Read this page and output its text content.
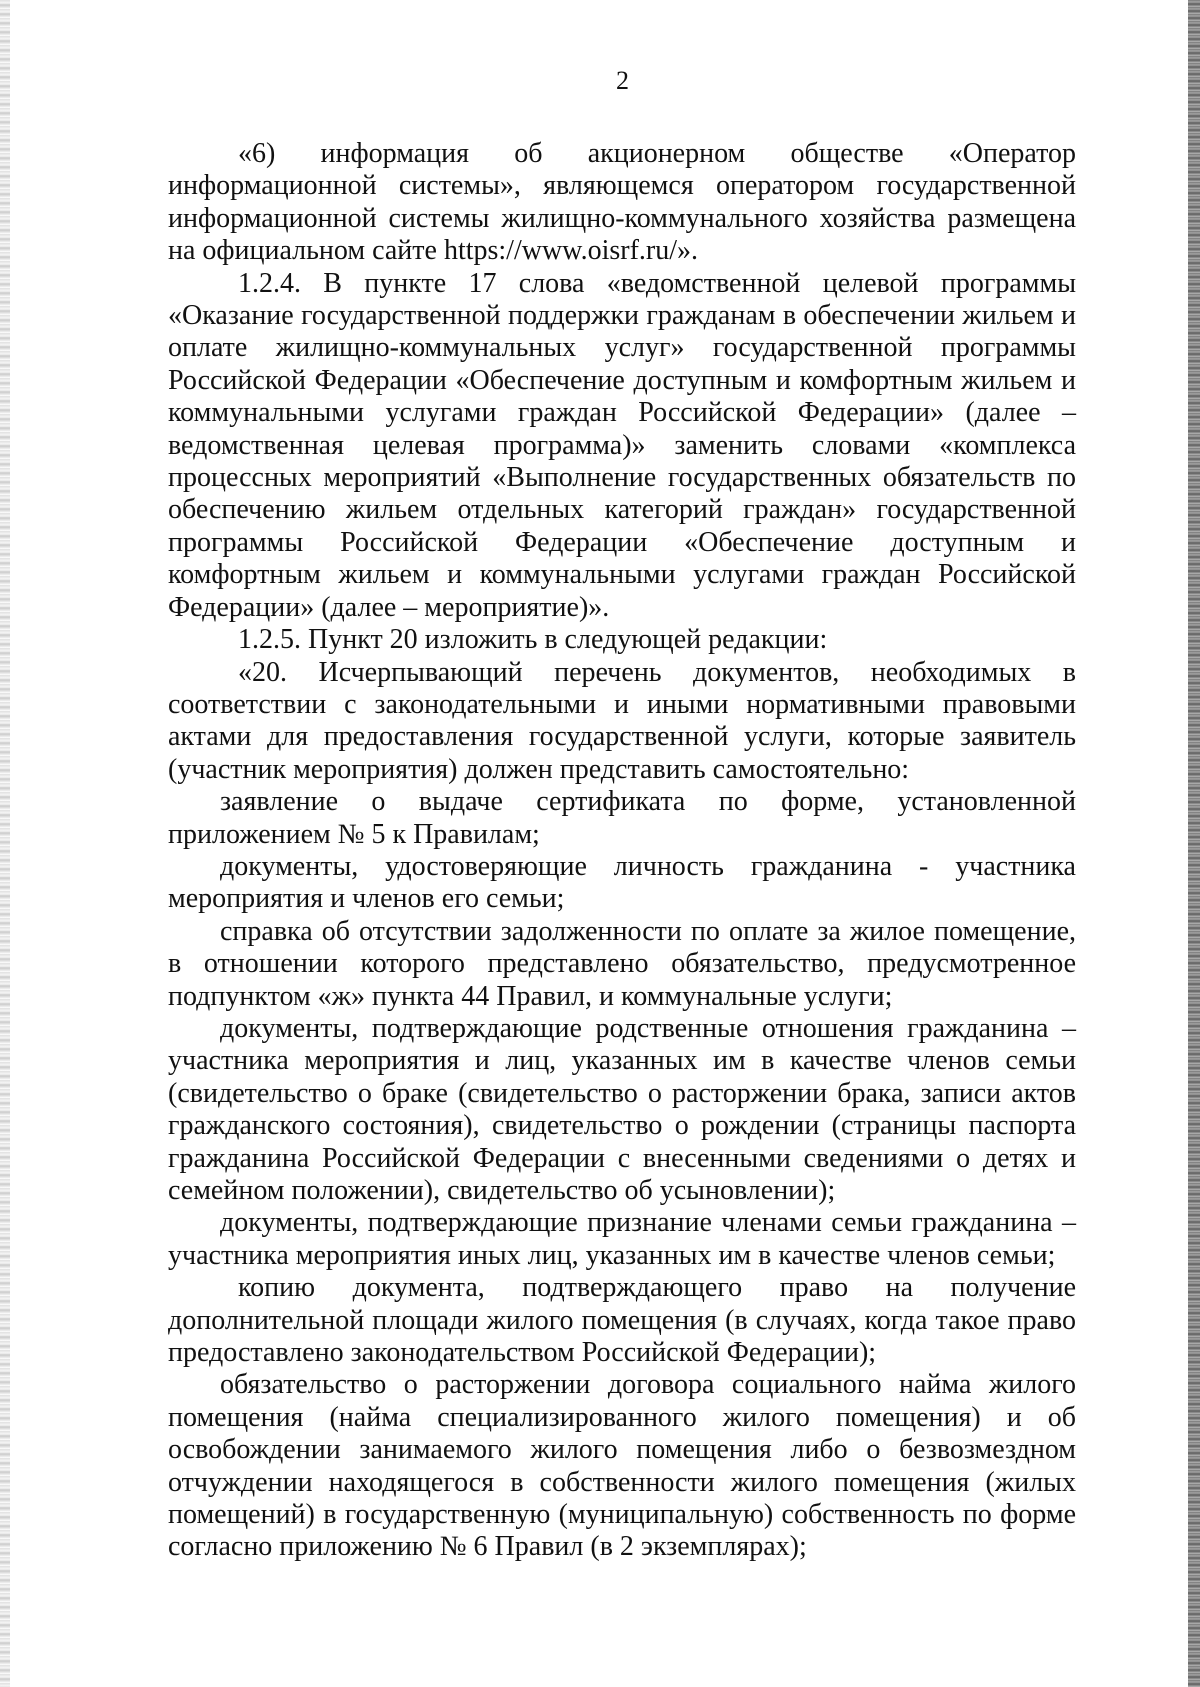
2

«6) информация об акционерном обществе «Оператор информационной системы», являющемся оператором государственной информационной системы жилищно-коммунального хозяйства размещена на официальном сайте https://www.oisrf.ru/».

1.2.4. В пункте 17 слова «ведомственной целевой программы «Оказание государственной поддержки гражданам в обеспечении жильем и оплате жилищно-коммунальных услуг» государственной программы Российской Федерации «Обеспечение доступным и комфортным жильем и коммунальными услугами граждан Российской Федерации» (далее – ведомственная целевая программа)» заменить словами «комплекса процессных мероприятий «Выполнение государственных обязательств по обеспечению жильем отдельных категорий граждан» государственной программы Российской Федерации «Обеспечение доступным и комфортным жильем и коммунальными услугами граждан Российской Федерации» (далее – мероприятие)».

1.2.5. Пункт 20 изложить в следующей редакции:

«20. Исчерпывающий перечень документов, необходимых в соответствии с законодательными и иными нормативными правовыми актами для предоставления государственной услуги, которые заявитель (участник мероприятия) должен представить самостоятельно:

заявление о выдаче сертификата по форме, установленной приложением № 5 к Правилам;

документы, удостоверяющие личность гражданина - участника мероприятия и членов его семьи;

справка об отсутствии задолженности по оплате за жилое помещение, в отношении которого представлено обязательство, предусмотренное подпунктом «ж» пункта 44 Правил, и коммунальные услуги;

документы, подтверждающие родственные отношения гражданина – участника мероприятия и лиц, указанных им в качестве членов семьи (свидетельство о браке (свидетельство о расторжении брака, записи актов гражданского состояния), свидетельство о рождении (страницы паспорта гражданина Российской Федерации с внесенными сведениями о детях и семейном положении), свидетельство об усыновлении);

документы, подтверждающие признание членами семьи гражданина – участника мероприятия иных лиц, указанных им в качестве членов семьи;

копию документа, подтверждающего право на получение дополнительной площади жилого помещения (в случаях, когда такое право предоставлено законодательством Российской Федерации);

обязательство о расторжении договора социального найма жилого помещения (найма специализированного жилого помещения) и об освобождении занимаемого жилого помещения либо о безвозмездном отчуждении находящегося в собственности жилого помещения (жилых помещений) в государственную (муниципальную) собственность по форме согласно приложению № 6 Правил (в 2 экземплярах);
